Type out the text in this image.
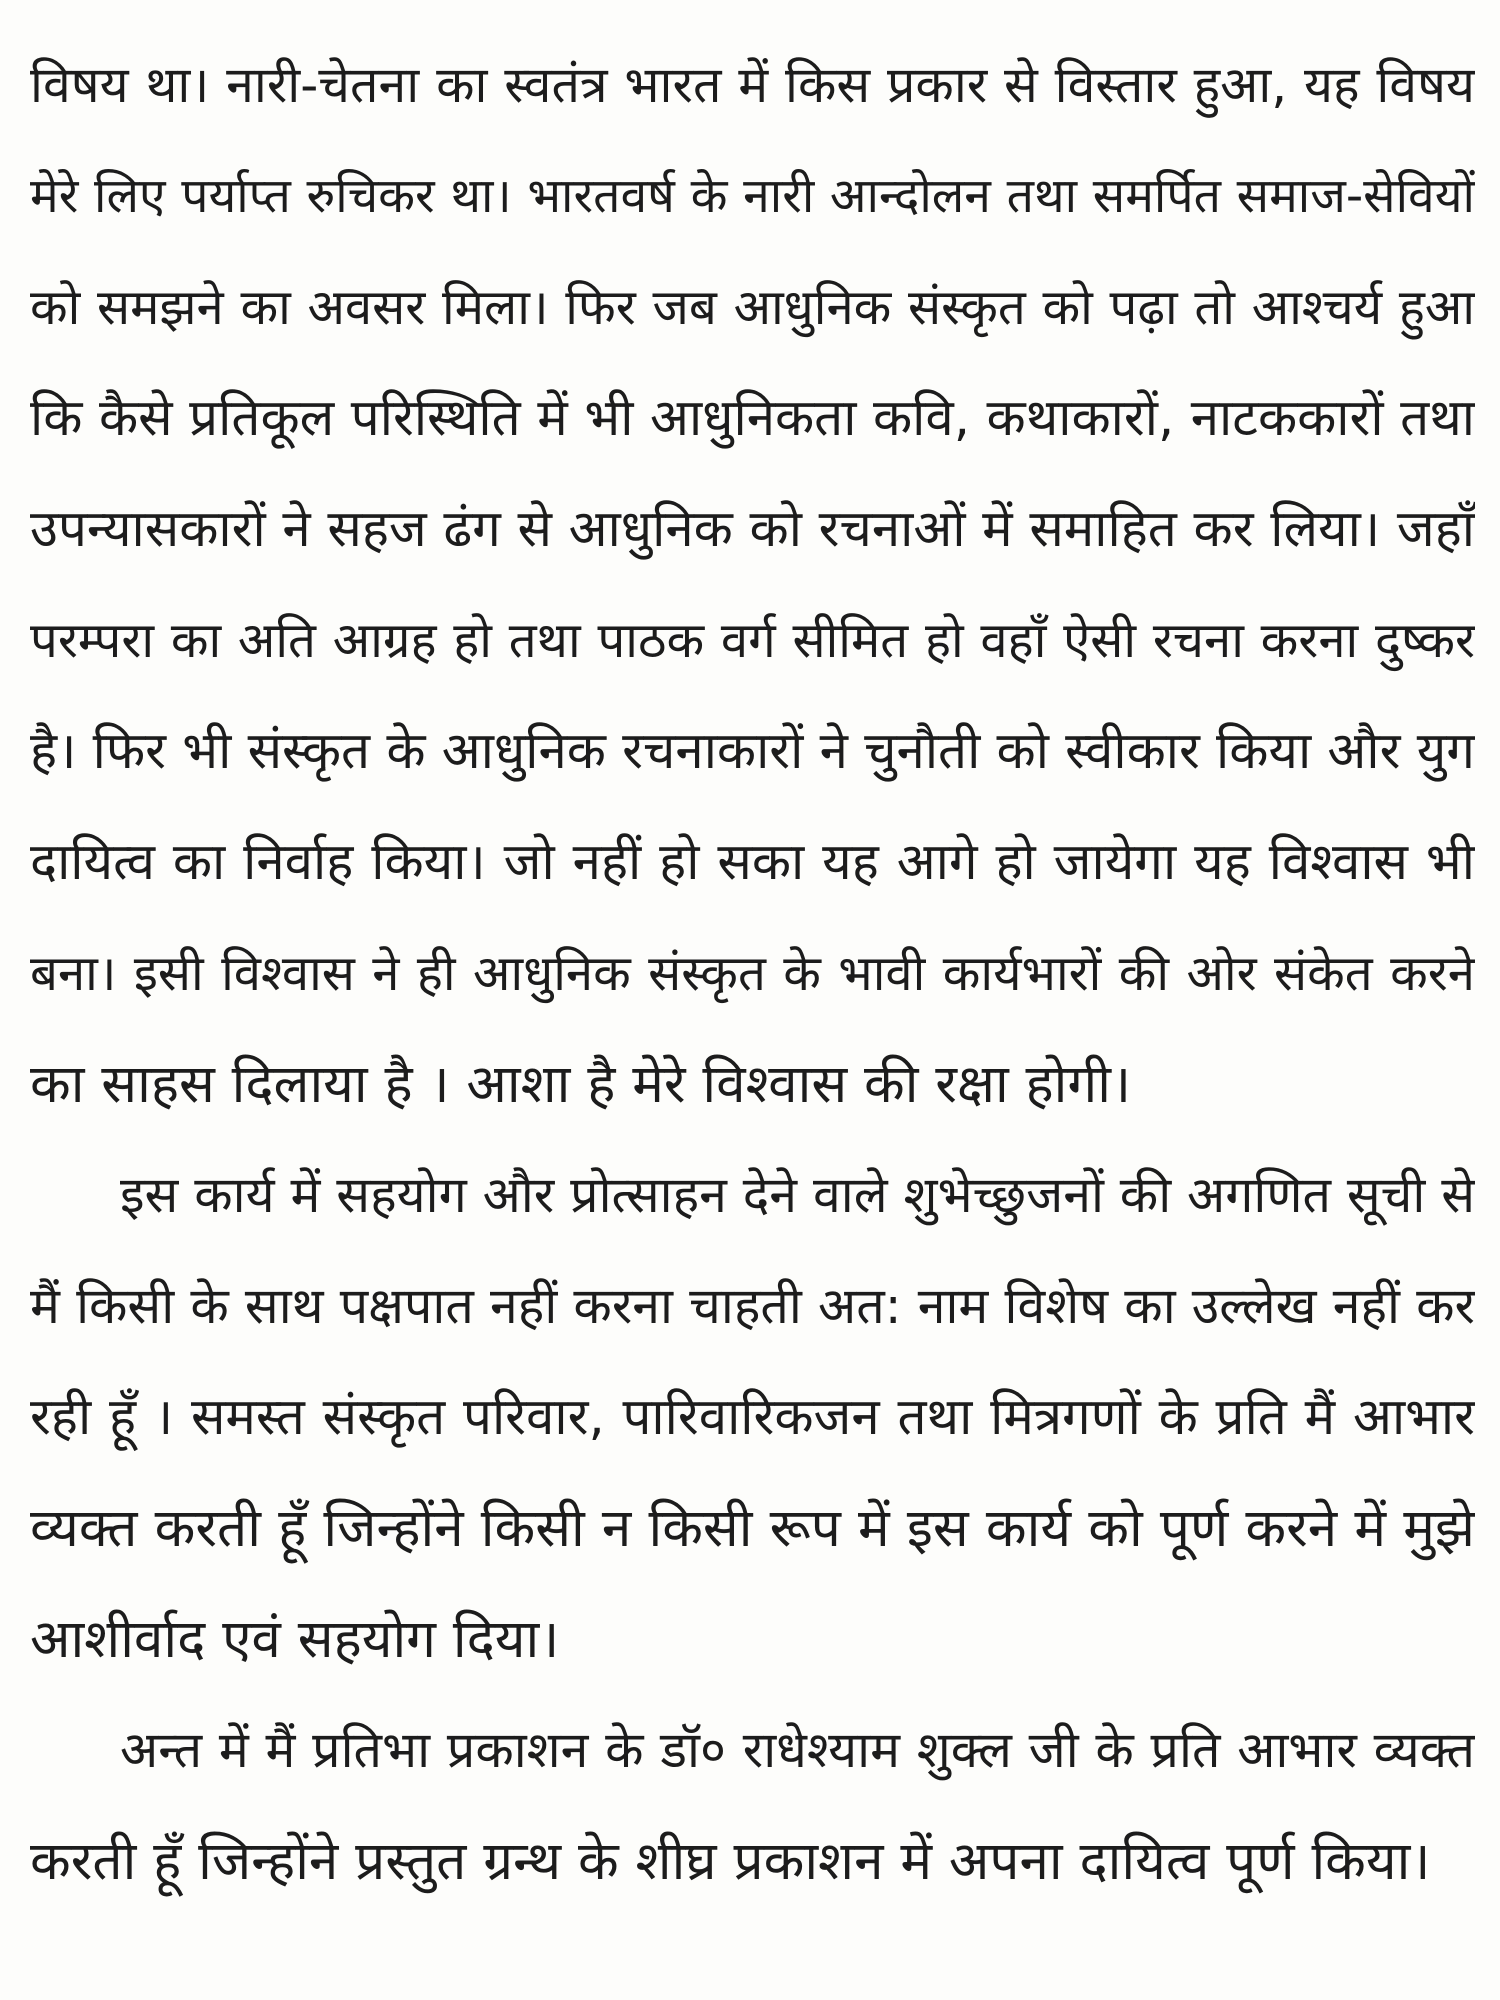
विषय था। नारी-चेतना का स्वतंत्र भारत में किस प्रकार से विस्तार हुआ, यह विषय
मेरे लिए पर्याप्त रुचिकर था। भारतवर्ष के नारी आन्दोलन तथा समर्पित समाज-सेवियों
को समझने का अवसर मिला। फिर जब आधुनिक संस्कृत को पढ़ा तो आश्चर्य हुआ
कि कैसे प्रतिकूल परिस्थिति में भी आधुनिकता कवि, कथाकारों, नाटककारों तथा
उपन्यासकारों ने सहज ढंग से आधुनिक को रचनाओं में समाहित कर लिया। जहाँ
परम्परा का अति आग्रह हो तथा पाठक वर्ग सीमित हो वहाँ ऐसी रचना करना दुष्कर
है। फिर भी संस्कृत के आधुनिक रचनाकारों ने चुनौती को स्वीकार किया और युग
दायित्व का निर्वाह किया। जो नहीं हो सका यह आगे हो जायेगा यह विश्वास भी
बना। इसी विश्वास ने ही आधुनिक संस्कृत के भावी कार्यभारों की ओर संकेत करने
का साहस दिलाया है । आशा है मेरे विश्वास की रक्षा होगी।
इस कार्य में सहयोग और प्रोत्साहन देने वाले शुभेच्छुजनों की अगणित सूची से
मैं किसी के साथ पक्षपात नहीं करना चाहती अत: नाम विशेष का उल्लेख नहीं कर
रही हूँ । समस्त संस्कृत परिवार, पारिवारिकजन तथा मित्रगणों के प्रति मैं आभार
व्यक्त करती हूँ जिन्होंने किसी न किसी रूप में इस कार्य को पूर्ण करने में मुझे
आशीर्वाद एवं सहयोग दिया।
अन्त में मैं प्रतिभा प्रकाशन के डॉ० राधेश्याम शुक्ल जी के प्रति आभार व्यक्त
करती हूँ जिन्होंने प्रस्तुत ग्रन्थ के शीघ्र प्रकाशन में अपना दायित्व पूर्ण किया।
